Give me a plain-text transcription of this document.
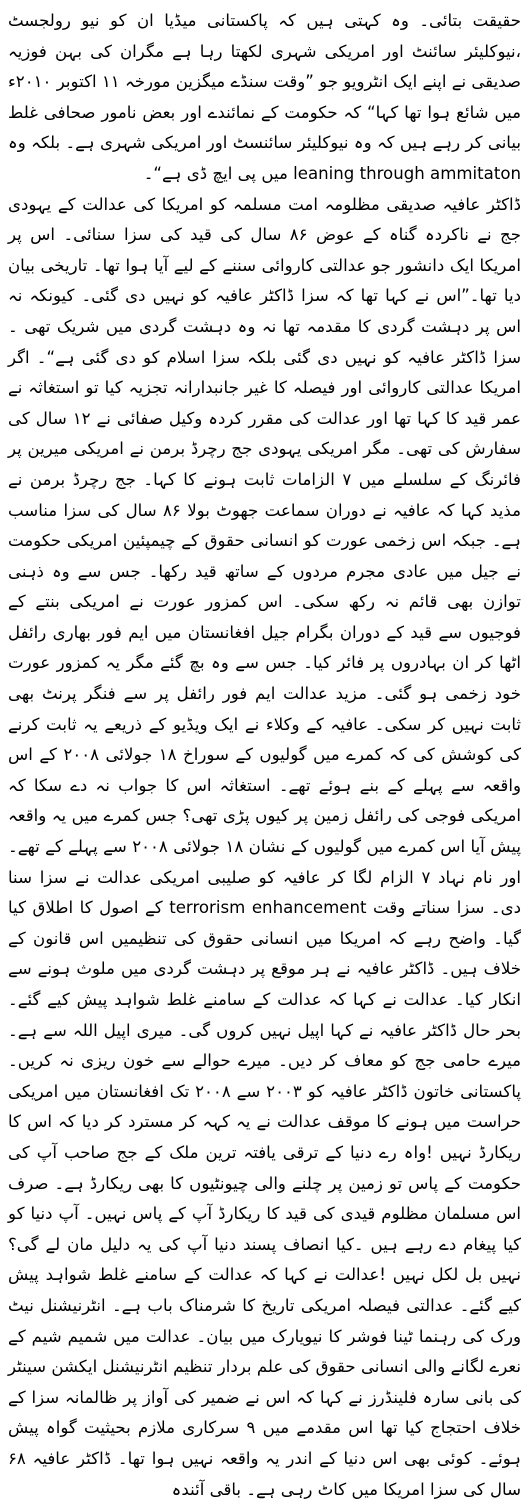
حقیقت بتائی۔ وہ کہتی ہیں کہ پاکستانی میڈیا ان کو نیو رولجسٹ ،نیوکلیئر سائنٹ اور امریکی شہری لکھتا رہا ہے مگران کی بہن فوزیہ صدیقی نے اپنے ایک انٹرویو جو ”وقت سنڈے میگزین مورخہ ۱۱ اکتوبر ۲۰۱۰ء میں شائع ہوا تھا کہا“ کہ حکومت کے نمائندے اور بعض نامور صحافی غلط بیانی کر رہے ہیں کہ وہ نیوکلیئر سائنسٹ اور امریکی شہری ہے۔ بلکہ وہ leaning through ammitaton میں پی ایچ ڈی ہے“۔

ڈاکٹر عافیہ صدیقی مظلومہ امت مسلمہ کو امریکا کی عدالت کے یہودی جج نے ناکردہ گناہ کے عوض ۸۶ سال کی قید کی سزا سنائی۔ اس پر امریکا ایک دانشور جو عدالتی کاروائی سننے کے لیے آیا ہوا تھا۔ تاریخی بیان دیا تھا۔”اس نے کہا تھا کہ سزا ڈاکٹر عافیہ کو نہیں دی گئی۔ کیونکہ نہ اس پر دہشت گردی کا مقدمہ تھا نہ وہ دہشت گردی میں شریک تھی ۔سزا ڈاکٹر عافیہ کو نہیں دی گئی بلکہ سزا اسلام کو دی گئی ہے“۔ اگر امریکا عدالتی کاروائی اور فیصلہ کا غیر جانبدارانہ تجزیہ کیا تو استغاثہ نے عمر قید کا کہا تھا اور عدالت کی مقرر کردہ وکیل صفائی نے ۱۲ سال کی سفارش کی تھی۔ مگر امریکی یہودی جج رچرڈ برمن نے امریکی میرین پر فائرنگ کے سلسلے میں ۷ الزامات ثابت ہونے کا کہا۔ جج رچرڈ برمن نے مذید کہا کہ عافیہ نے دوران سماعت جھوٹ بولا ۸۶ سال کی سزا مناسب ہے۔ جبکہ اس زخمی عورت کو انسانی حقوق کے چیمپئین امریکی حکومت نے جیل میں عادی مجرم مردوں کے ساتھ قید رکھا۔ جس سے وہ ذہنی توازن بھی قائم نہ رکھ سکی۔ اس کمزور عورت نے امریکی بنتے کے فوجیوں سے قید کے دوران بگرام جیل افغانستان میں ایم فور بھاری رائفل اٹھا کر ان بہادروں پر فائر کیا۔ جس سے وہ بچ گئے مگر یہ کمزور عورت خود زخمی ہو گئی۔ مزید عدالت ایم فور رائفل پر سے فنگر پرنٹ بھی ثابت نہیں کر سکی۔ عافیہ کے وکلاء نے ایک ویڈیو کے ذریعے یہ ثابت کرنے کی کوشش کی کہ کمرے میں گولیوں کے سوراخ ۱۸ جولائی ۲۰۰۸ کے اس واقعہ سے پہلے کے بنے ہوئے تھے۔ استغاثہ اس کا جواب نہ دے سکا کہ امریکی فوجی کی رائفل زمین پر کیوں پڑی تھی؟ جس کمرے میں یہ واقعہ پیش آیا اس کمرے میں گولیوں کے نشان ۱۸ جولائی ۲۰۰۸ سے پہلے کے تھے۔ اور نام نہاد ۷ الزام لگا کر عافیہ کو صلیبی امریکی عدالت نے سزا سنا دی۔ سزا سناتے وقت terrorism enhancement کے اصول کا اطلاق کیا گیا۔ واضح رہے کہ امریکا میں انسانی حقوق کی تنظیمیں اس قانون کے خلاف ہیں۔ ڈاکٹر عافیہ نے ہر موقع پر دہشت گردی میں ملوث ہونے سے انکار کیا۔ عدالت نے کہا کہ عدالت کے سامنے غلط شواہد پیش کیے گئے۔ بحر حال ڈاکٹر عافیہ نے کہا اپیل نہیں کروں گی۔ میری اپیل اللہ سے ہے۔ میرے حامی جج کو معاف کر دیں۔ میرے حوالے سے خون ریزی نہ کریں۔ پاکستانی خاتون ڈاکٹر عافیہ کو ۲۰۰۳ سے ۲۰۰۸ تک افغانستان میں امریکی حراست میں ہونے کا موقف عدالت نے یہ کہہ کر مسترد کر دیا کہ اس کا ریکارڈ نہیں !واہ رے دنیا کے ترقی یافتہ ترین ملک کے جج صاحب آپ کی حکومت کے پاس تو زمین پر چلنے والی چیونٹیوں کا بھی ریکارڈ ہے۔ صرف اس مسلمان مظلوم قیدی کی قید کا ریکارڈ آپ کے پاس نہیں۔ آپ دنیا کو کیا پیغام دے رہے ہیں ۔کیا انصاف پسند دنیا آپ کی یہ دلیل مان لے گی؟ نہیں بل لکل نہیں !عدالت نے کہا کہ عدالت کے سامنے غلط شواہد پیش کیے گئے۔ عدالتی فیصلہ امریکی تاریخ کا شرمناک باب ہے۔ انٹرنیشنل نیٹ ورک کی رہنما ٹینا فوشر کا نیویارک میں بیان۔ عدالت میں شمیم شیم کے نعرے لگانے والی انسانی حقوق کی علم بردار تنظیم انٹرنیشنل ایکشن سینٹر کی بانی سارہ فلینڈرز نے کہا کہ اس نے ضمیر کی آواز پر ظالمانہ سزا کے خلاف احتجاج کیا تھا اس مقدمے میں ۹ سرکاری ملازم بحیثیت گواہ پیش ہوئے۔ کوئی بھی اس دنیا کے اندر یہ واقعہ نہیں ہوا تھا۔ ڈاکٹر عافیہ ۶۸ سال کی سزا امریکا میں کاٹ رہی ہے۔ باقی آئندہ
